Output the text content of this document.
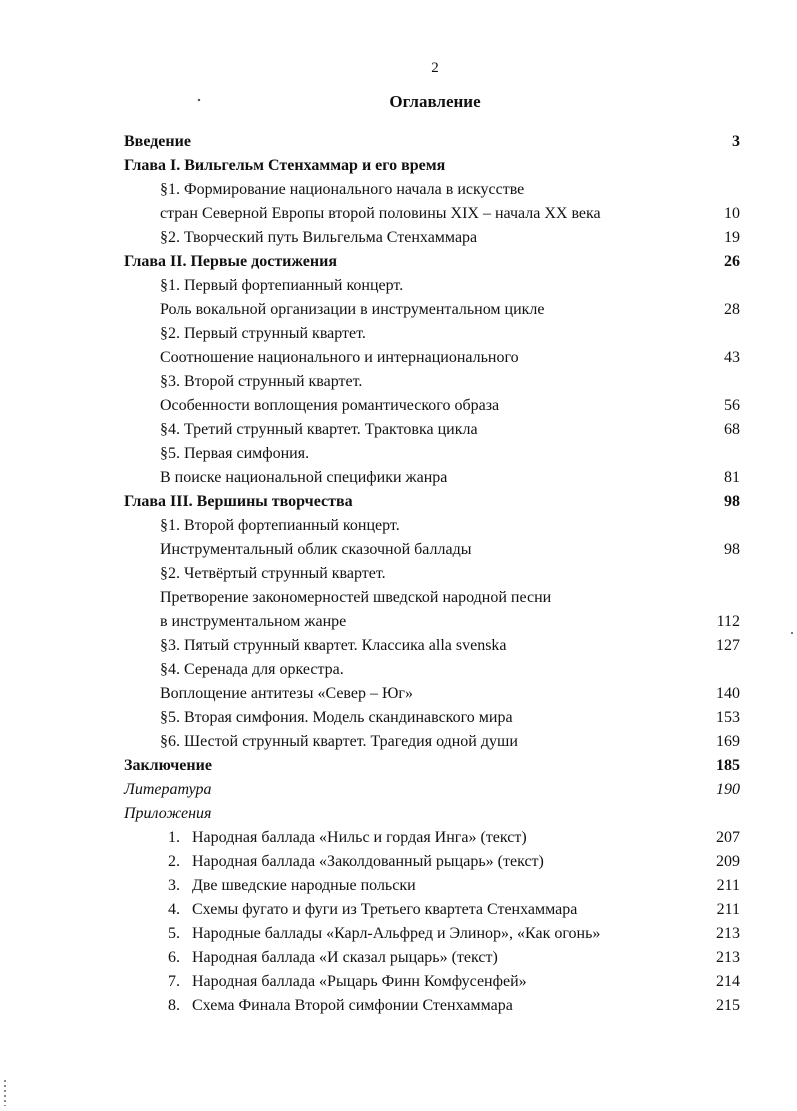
2
Оглавление
Введение	3
Глава I. Вильгельм Стенхаммар и его время
§1. Формирование национального начала в искусстве
стран Северной Европы второй половины XIX – начала XX века	10
§2. Творческий путь Вильгельма Стенхаммара	19
Глава II. Первые достижения	26
§1. Первый фортепианный концерт.
Роль вокальной организации в инструментальном цикле	28
§2. Первый струнный квартет.
Соотношение национального и интернационального	43
§3. Второй струнный квартет.
Особенности воплощения романтического образа	56
§4. Третий струнный квартет. Трактовка цикла	68
§5. Первая симфония.
В поиске национальной специфики жанра	81
Глава III. Вершины творчества	98
§1. Второй фортепианный концерт.
Инструментальный облик сказочной баллады	98
§2. Четвёртый струнный квартет.
Претворение закономерностей шведской народной песни
в инструментальном жанре	112
§3. Пятый струнный квартет. Классика alla svenska	127
§4. Серенада для оркестра.
Воплощение антитезы «Север – Юг»	140
§5. Вторая симфония. Модель скандинавского мира	153
§6. Шестой струнный квартет. Трагедия одной души	169
Заключение	185
Литература	190
Приложения
1. Народная баллада «Нильс и гордая Инга» (текст)	207
2. Народная баллада «Заколдованный рыцарь» (текст)	209
3. Две шведские народные польски	211
4. Схемы фугато и фуги из Третьего квартета Стенхаммара	211
5. Народные баллады «Карл-Альфред и Элинор», «Как огонь»	213
6. Народная баллада «И сказал рыцарь» (текст)	213
7. Народная баллада «Рыцарь Финн Комфусенфей»	214
8. Схема Финала Второй симфонии Стенхаммара	215
